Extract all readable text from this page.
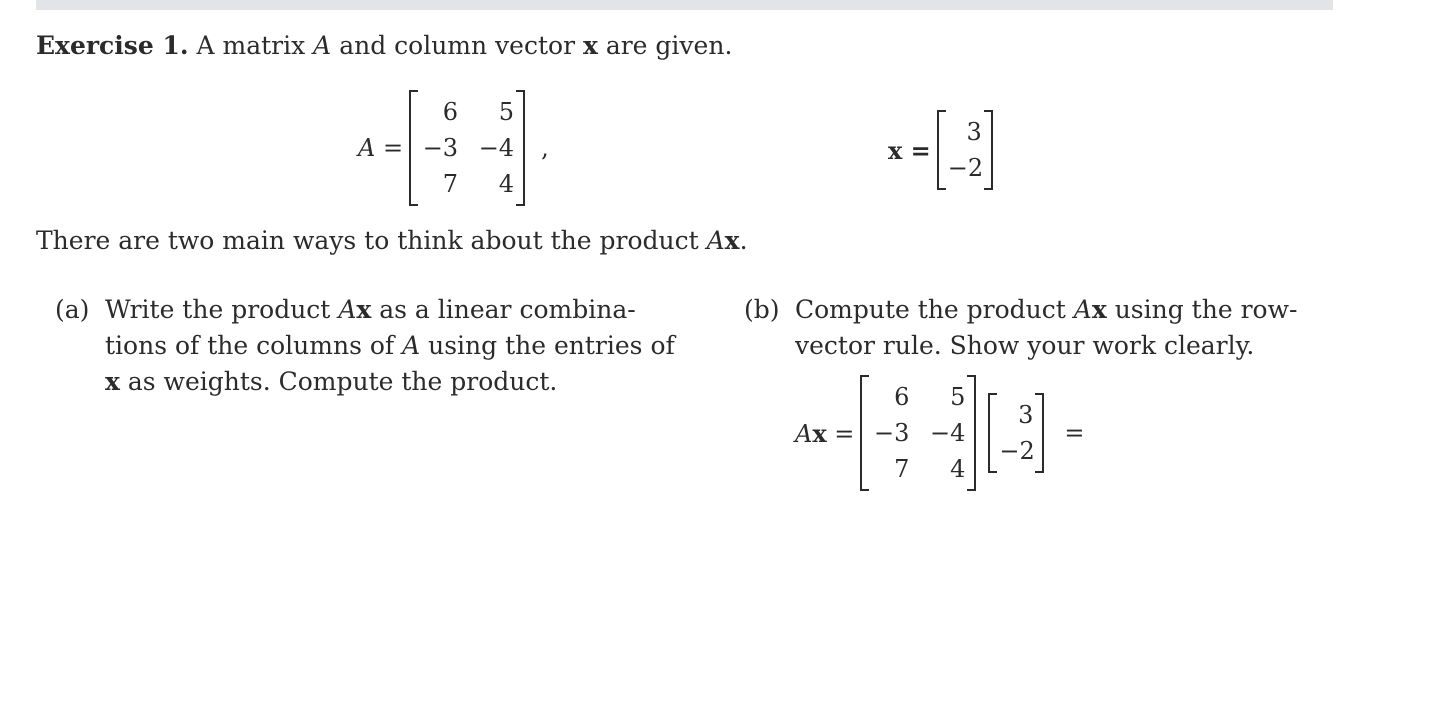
Exercise 1. A matrix A and column vector x are given.
A =
6	5
−3 −4
7	4
,	x =
3
−2
There are two main ways to think about the product Ax.
(a) Write the product Ax as a linear combina-
tions of the columns of A using the entries of
x as weights. Compute the product.
(b) Compute the product Ax using the row-
vector rule. Show your work clearly.
Ax =
6	5
−3 −4
7	4
3
−2
=
